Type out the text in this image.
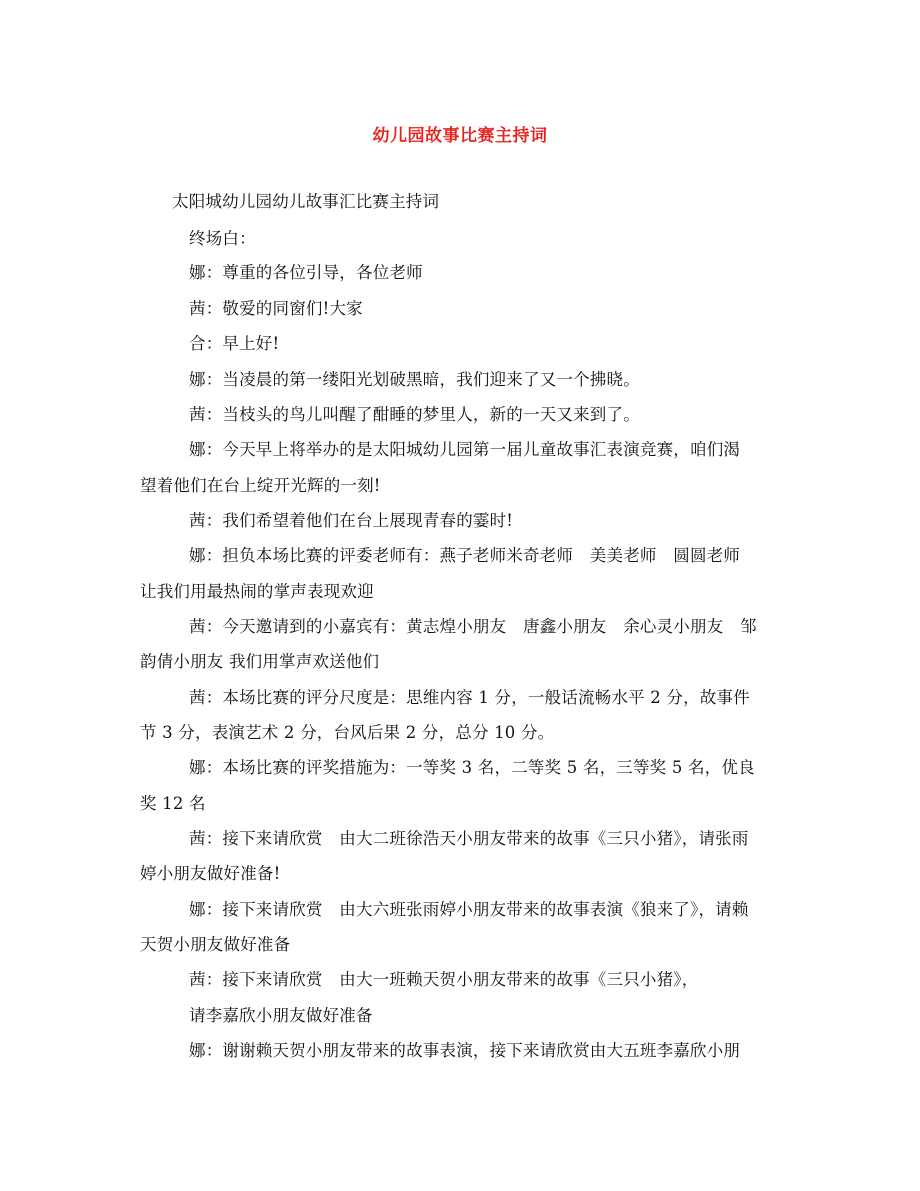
幼儿园故事比赛主持词
太阳城幼儿园幼儿故事汇比赛主持词
终场白：
娜：尊重的各位引导，各位老师
茜：敬爱的同窗们!大家
合：早上好!
娜：当凌晨的第一缕阳光划破黑暗，我们迎来了又一个拂晓。
茜：当枝头的鸟儿叫醒了酣睡的梦里人，新的一天又来到了。
娜：今天早上将举办的是太阳城幼儿园第一届儿童故事汇表演竞赛，咱们渴
望着他们在台上绽开光辉的一刻!
茜：我们希望着他们在台上展现青春的霎时!
娜：担负本场比赛的评委老师有：燕子老师米奇老师　美美老师　圆圆老师
让我们用最热闹的掌声表现欢迎
茜：今天邀请到的小嘉宾有：黄志煌小朋友　唐鑫小朋友　余心灵小朋友　邹
韵倩小朋友 我们用掌声欢送他们
茜：本场比赛的评分尺度是：思维内容 1 分，一般话流畅水平 2 分，故事件
节 3 分，表演艺术 2 分，台风后果 2 分，总分 10 分。
娜：本场比赛的评奖措施为：一等奖 3 名，二等奖 5 名，三等奖 5 名，优良
奖 12 名
茜：接下来请欣赏　由大二班徐浩天小朋友带来的故事《三只小猪》，请张雨
婷小朋友做好准备!
娜：接下来请欣赏　由大六班张雨婷小朋友带来的故事表演《狼来了》，请赖
天贺小朋友做好准备
茜：接下来请欣赏　由大一班赖天贺小朋友带来的故事《三只小猪》，
请李嘉欣小朋友做好准备
娜：谢谢赖天贺小朋友带来的故事表演，接下来请欣赏由大五班李嘉欣小朋
